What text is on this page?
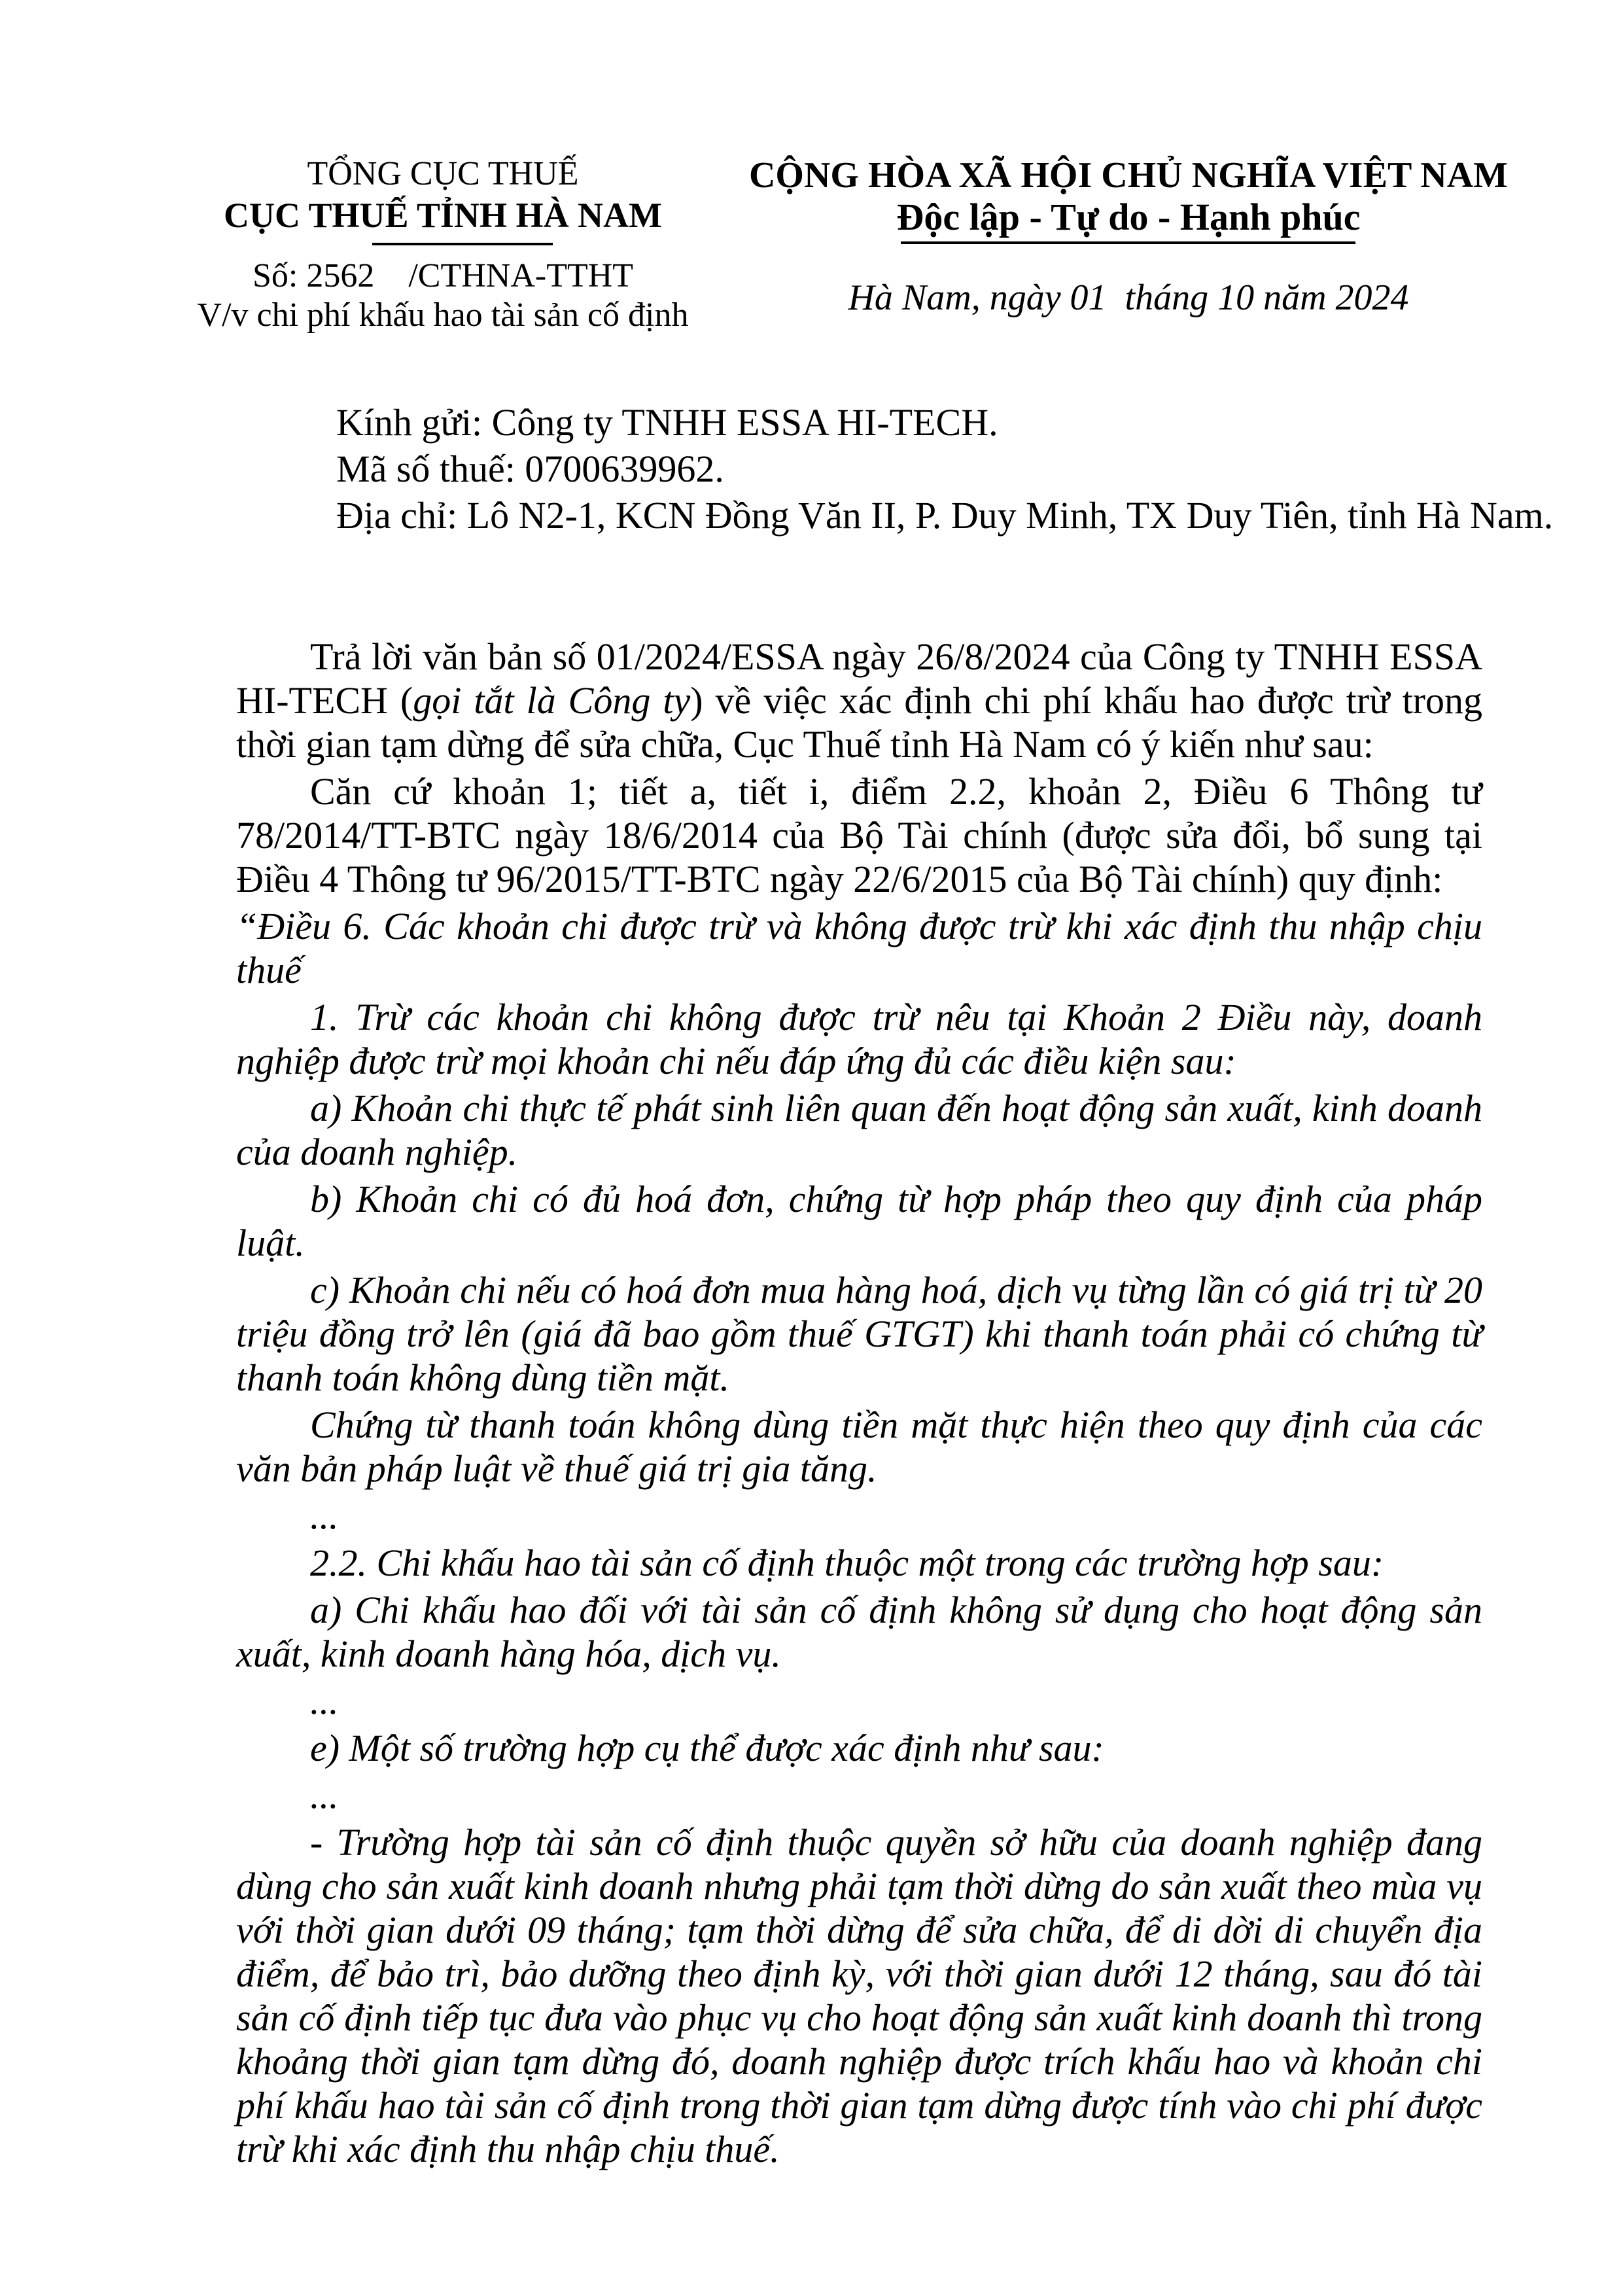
TỔNG CỤC THUẾ
CỤC THUẾ TỈNH HÀ NAM
Số: 2562    /CTHNA-TTHT
V/v chi phí khấu hao tài sản cố định
CỘNG HÒA XÃ HỘI CHỦ NGHĨA VIỆT NAM
Độc lập - Tự do - Hạnh phúc
Hà Nam, ngày 01  tháng 10 năm 2024
Kính gửi: Công ty TNHH ESSA HI-TECH.
Mã số thuế: 0700639962.
Địa chỉ: Lô N2-1, KCN Đồng Văn II, P. Duy Minh, TX Duy Tiên, tỉnh Hà Nam.

Trả lời văn bản số 01/2024/ESSA ngày 26/8/2024 của Công ty TNHH ESSA HI-TECH (gọi tắt là Công ty) về việc xác định chi phí khấu hao được trừ trong thời gian tạm dừng để sửa chữa, Cục Thuế tỉnh Hà Nam có ý kiến như sau:

Căn cứ khoản 1; tiết a, tiết i, điểm 2.2, khoản 2, Điều 6 Thông tư 78/2014/TT-BTC ngày 18/6/2014 của Bộ Tài chính (được sửa đổi, bổ sung tại Điều 4 Thông tư 96/2015/TT-BTC ngày 22/6/2015 của Bộ Tài chính) quy định:

“Điều 6. Các khoản chi được trừ và không được trừ khi xác định thu nhập chịu thuế

1. Trừ các khoản chi không được trừ nêu tại Khoản 2 Điều này, doanh nghiệp được trừ mọi khoản chi nếu đáp ứng đủ các điều kiện sau:

a) Khoản chi thực tế phát sinh liên quan đến hoạt động sản xuất, kinh doanh của doanh nghiệp.

b) Khoản chi có đủ hoá đơn, chứng từ hợp pháp theo quy định của pháp luật.

c) Khoản chi nếu có hoá đơn mua hàng hoá, dịch vụ từng lần có giá trị từ 20 triệu đồng trở lên (giá đã bao gồm thuế GTGT) khi thanh toán phải có chứng từ thanh toán không dùng tiền mặt.

Chứng từ thanh toán không dùng tiền mặt thực hiện theo quy định của các văn bản pháp luật về thuế giá trị gia tăng.

...

2.2. Chi khấu hao tài sản cố định thuộc một trong các trường hợp sau:

a) Chi khấu hao đối với tài sản cố định không sử dụng cho hoạt động sản xuất, kinh doanh hàng hóa, dịch vụ.

...

e) Một số trường hợp cụ thể được xác định như sau:

...

- Trường hợp tài sản cố định thuộc quyền sở hữu của doanh nghiệp đang dùng cho sản xuất kinh doanh nhưng phải tạm thời dừng do sản xuất theo mùa vụ với thời gian dưới 09 tháng; tạm thời dừng để sửa chữa, để di dời di chuyển địa điểm, để bảo trì, bảo dưỡng theo định kỳ, với thời gian dưới 12 tháng, sau đó tài sản cố định tiếp tục đưa vào phục vụ cho hoạt động sản xuất kinh doanh thì trong khoảng thời gian tạm dừng đó, doanh nghiệp được trích khấu hao và khoản chi phí khấu hao tài sản cố định trong thời gian tạm dừng được tính vào chi phí được trừ khi xác định thu nhập chịu thuế.
